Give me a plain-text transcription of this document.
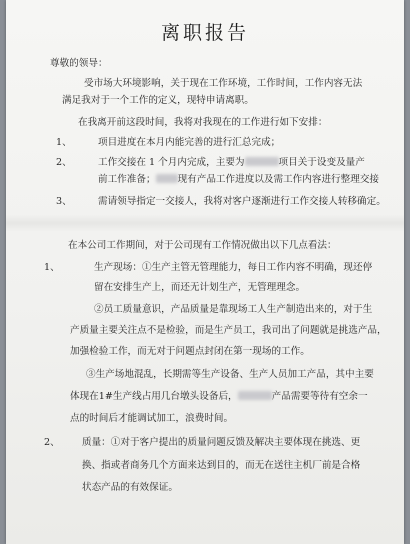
离职报告
尊敬的领导：
受市场大环境影响，关于现在工作环境，工作时间，工作内容无法
满足我对于一个工作的定义，现特申请离职。
在我离开前这段时间，我将对我现在的工作进行如下安排：
1、	项目进度在本月内能完善的进行汇总完成；
2、	工作交接在 1 个月内完成，主要为	项目关于设变及量产
前工作准备； 现有产品工作进度以及需工作内容进行整理交接
3、	需请领导指定一交接人，我将对客户逐渐进行工作交接人转移确定。
在本公司工作期间，对于公司现有工作情况做出以下几点看法：
1、	生产现场：①生产主管无管理能力，每日工作内容不明确，现还停
留在安排生产上，而还无计划生产，无管理理念。
②员工质量意识，产品质量是靠现场工人生产制造出来的，对于生
产质量主要关注点不是检验，而是生产员工，我司出了问题就是挑选产品，
加强检验工作，而无对于问题点封闭在第一现场的工作。
③生产场地混乱，长期需等生产设备、生产人员加工产品，其中主要
体现在1#生产线占用几台墩头设备后，	产品需要等待有空余一
点的时间后才能调试加工，浪费时间。
2、 质量：①对于客户提出的质量问题反馈及解决主要体现在挑选、更
换、指或者商务几个方面来达到目的，而无在送往主机厂前是合格
状态产品的有效保证。
